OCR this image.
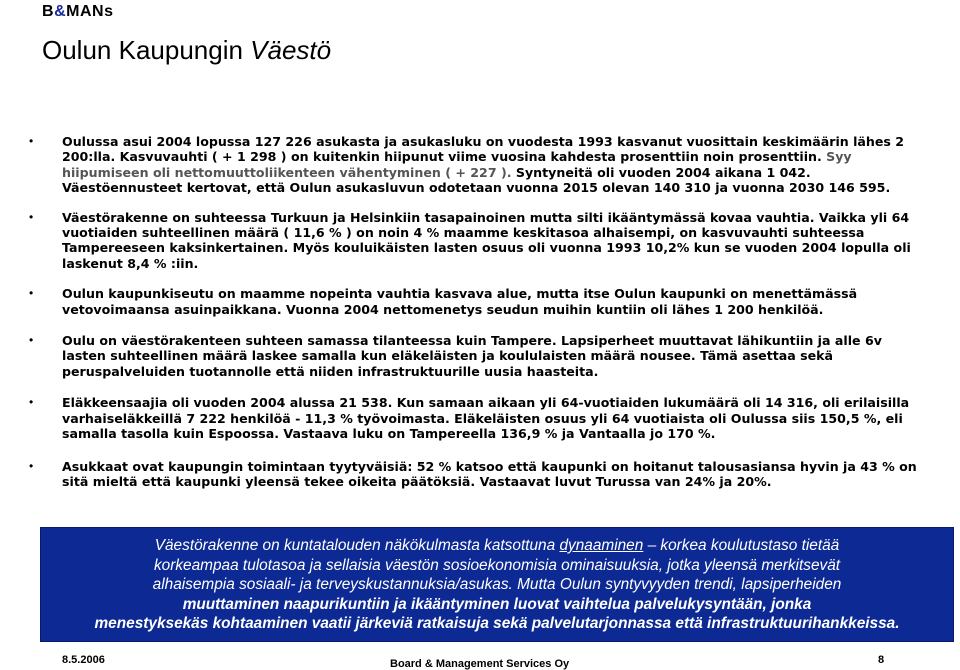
B&MANs
Oulun Kaupungin Väestö
• Oulussa asui 2004 lopussa 127 226 asukasta ja asukasluku on vuodesta 1993 kasvanut vuosittain keskimäärin lähes 2 200:lla. Kasvuvauhti ( + 1 298 ) on kuitenkin hiipunut viime vuosina kahdesta prosenttiin noin prosenttiin. Syy hiipumiseen oli nettomuuttoliikenteen vähentyminen ( + 227 ). Syntyneitä oli vuoden 2004 aikana 1 042. Väestöennusteet kertovat, että Oulun asukasluvun odotetaan vuonna 2015 olevan 140 310 ja vuonna 2030 146 595.
• Väestörakenne on suhteessa Turkuun ja Helsinkiin tasapainoinen mutta silti ikääntymässä kovaa vauhtia. Vaikka yli 64 vuotiaiden suhteellinen määrä ( 11,6 % ) on noin 4 % maamme keskitasoa alhaisempi, on kasvuvauhti suhteessa Tampereeseen kaksinkertainen. Myös kouluikäisten lasten osuus oli vuonna 1993 10,2% kun se vuoden 2004 lopulla oli laskenut 8,4 % :iin.
• Oulun kaupunkiseutu on maamme nopeinta vauhtia kasvava alue, mutta itse Oulun kaupunki on menettämässä vetovoimaansa asuinpaikkana. Vuonna 2004 nettomenetys seudun muihin kuntiin oli lähes 1 200 henkilöä.
• Oulu on väestörakenteen suhteen samassa tilanteessa kuin Tampere. Lapsiperheet muuttavat lähikuntiin ja alle 6v lasten suhteellinen määrä laskee samalla kun eläkeläisten ja koululaisten määrä nousee. Tämä asettaa sekä peruspalveluiden tuotannolle että niiden infrastruktuurille uusia haasteita.
• Eläkkeensaajia oli vuoden 2004 alussa 21 538. Kun samaan aikaan yli 64-vuotiaiden lukumäärä oli 14 316, oli erilaisilla varhaiseläkkeillä 7 222 henkilöä - 11,3 % työvoimasta. Eläkeläisten osuus yli 64 vuotiaista oli Oulussa siis 150,5 %, eli samalla tasolla kuin Espoossa. Vastaava luku on Tampereella 136,9 % ja Vantaalla jo 170 %.
• Asukkaat ovat kaupungin toimintaan tyytyväisiä: 52 % katsoo että kaupunki on hoitanut talousasiansa hyvin ja 43 % on sitä mieltä että kaupunki yleensä tekee oikeita päätöksiä. Vastaavat luvut Turussa van 24% ja 20%.

Väestörakenne on kuntatalouden näkökulmasta katsottuna dynaaminen – korkea koulutustaso tietää

korkeampaa tulotasoa ja sellaisia väestön sosioekonomisia ominaisuuksia, jotka yleensä merkitsevät

alhaisempia sosiaali- ja terveyskustannuksia/asukas. Mutta Oulun syntyvyyden trendi, lapsiperheiden

muuttaminen naapurikuntiin ja ikääntyminen luovat vaihtelua palvelukysyntään, jonka

menestyksekäs kohtaaminen vaatii järkeviä ratkaisuja sekä palvelutarjonnassa että infrastruktuurihankkeissa.

8.5.2006	Board & Management Services Oy	8
